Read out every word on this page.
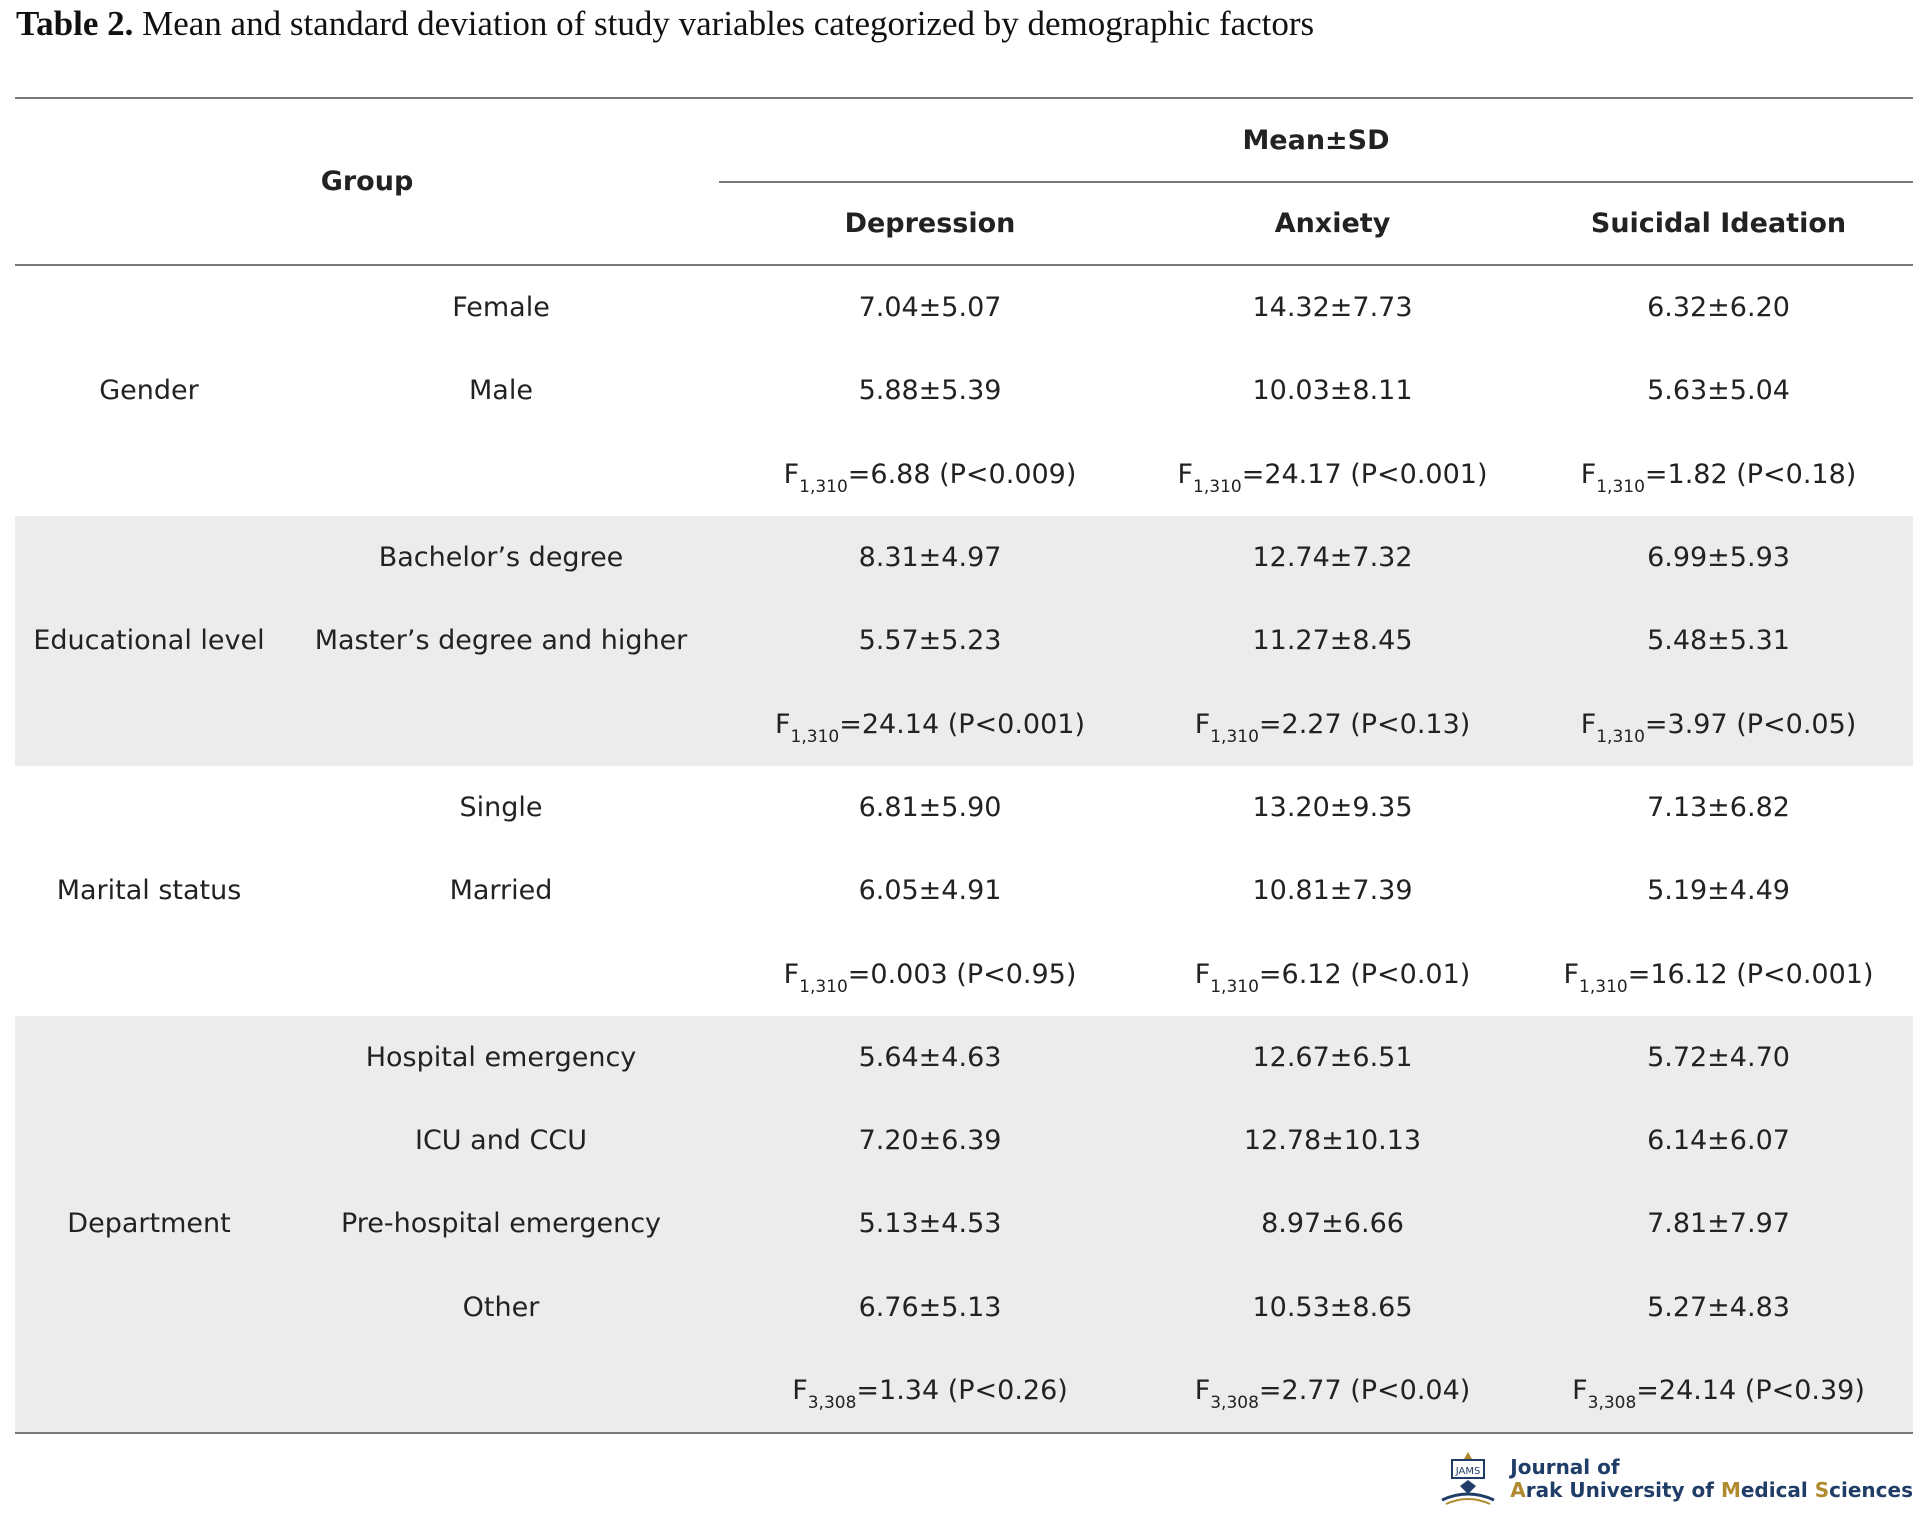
Table 2. Mean and standard deviation of study variables categorized by demographic factors
Group		Mean±SD		
		Depression	Anxiety	Suicidal Ideation
Gender	Female	7.04±5.07	14.32±7.73	6.32±6.20
	Male	5.88±5.39	10.03±8.11	5.63±5.04
		$F_{1,310}=6.88$ (P<0.009)	$F_{1,310}=24.17$ (P<0.001)	$F_{1,310}=1.82$ (P<0.18)
Educational level	Bachelor’s degree	8.31±4.97	12.74±7.32	6.99±5.93
	Master’s degree and higher	5.57±5.23	11.27±8.45	5.48±5.31
		$F_{1,310}=24.14$ (P<0.001)	$F_{1,310}=2.27$ (P<0.13)	$F_{1,310}=3.97$ (P<0.05)
Marital status	Single	6.81±5.90	13.20±9.35	7.13±6.82
	Married	6.05±4.91	10.81±7.39	5.19±4.49
		$F_{1,310}=0.003$ (P<0.95)	$F_{1,310}=6.12$ (P<0.01)	$F_{1,310}=16.12$ (P<0.001)
Department	Hospital emergency	5.64±4.63	12.67±6.51	5.72±4.70
	ICU and CCU	7.20±6.39	12.78±10.13	6.14±6.07
	Pre-hospital emergency	5.13±4.53	8.97±6.66	7.81±7.97
	Other	6.76±5.13	10.53±8.65	5.27±4.83
		$F_{3,308}=1.34$ (P<0.26)	$F_{3,308}=2.77$ (P<0.04)	$F_{3,308}=24.14$ (P<0.39)
JAMS Journal of
Arak University of Medical Sciences
